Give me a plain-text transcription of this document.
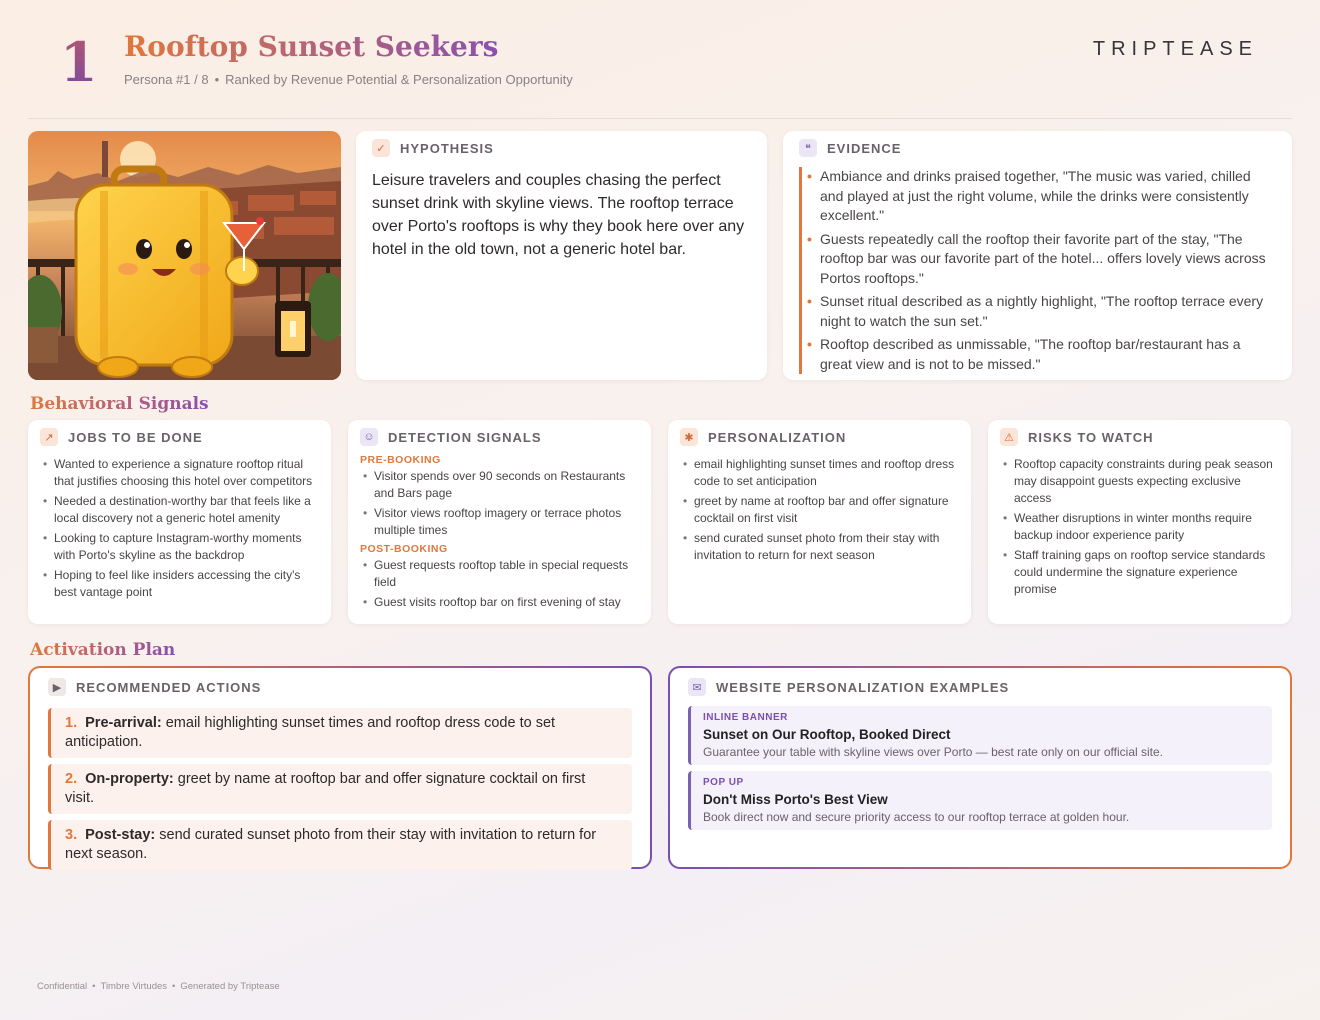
1 Rooftop Sunset Seekers
Persona #1 / 8 • Ranked by Revenue Potential & Personalization Opportunity
TRIPTEASE
✓	HYPOTHESIS

Leisure travelers and couples chasing the perfect sunset drink with skyline views. The rooftop terrace over Porto's rooftops is why they book here over any hotel in the old town, not a generic hotel bar.

❝	EVIDENCE
• Ambiance and drinks praised together, "The music was varied, chilled and played at just the right volume, while the drinks were consistently excellent."
• Guests repeatedly call the rooftop their favorite part of the stay, "The rooftop bar was our favorite part of the hotel... offers lovely views across Portos rooftops."
• Sunset ritual described as a nightly highlight, "The rooftop terrace every night to watch the sun set."
• Rooftop described as unmissable, "The rooftop bar/restaurant has a great view and is not to be missed."
Behavioral Signals
↗	JOBS TO BE DONE
• Wanted to experience a signature rooftop ritual that justifies choosing this hotel over competitors
• Needed a destination-worthy bar that feels like a local discovery not a generic hotel amenity
• Looking to capture Instagram-worthy moments with Porto's skyline as the backdrop
• Hoping to feel like insiders accessing the city's best vantage point
☺ DETECTION SIGNALS
PRE-BOOKING
• Visitor spends over 90 seconds on Restaurants and Bars page
• Visitor views rooftop imagery or terrace photos multiple times
POST-BOOKING
• Guest requests rooftop table in special requests field
• Guest visits rooftop bar on first evening of stay
✱	PERSONALIZATION
• email highlighting sunset times and rooftop dress code to set anticipation
• greet by name at rooftop bar and offer signature cocktail on first visit
• send curated sunset photo from their stay with invitation to return for next season
⚠	RISKS TO WATCH
• Rooftop capacity constraints during peak season may disappoint guests expecting exclusive access
• Weather disruptions in winter months require backup indoor experience parity
• Staff training gaps on rooftop service standards could undermine the signature experience promise
Activation Plan
▶	RECOMMENDED ACTIONS
1. Pre-arrival: email highlighting sunset times and rooftop dress code to set anticipation.
2. On-property: greet by name at rooftop bar and offer signature cocktail on first visit.
3. Post-stay: send curated sunset photo from their stay with invitation to return for next season.
✉	WEBSITE PERSONALIZATION EXAMPLES
INLINE BANNER
Sunset on Our Rooftop, Booked Direct
Guarantee your table with skyline views over Porto — best rate only on our official site.
POP UP
Don't Miss Porto's Best View
Book direct now and secure priority access to our rooftop terrace at golden hour.
Confidential • Timbre Virtudes • Generated by Triptease
